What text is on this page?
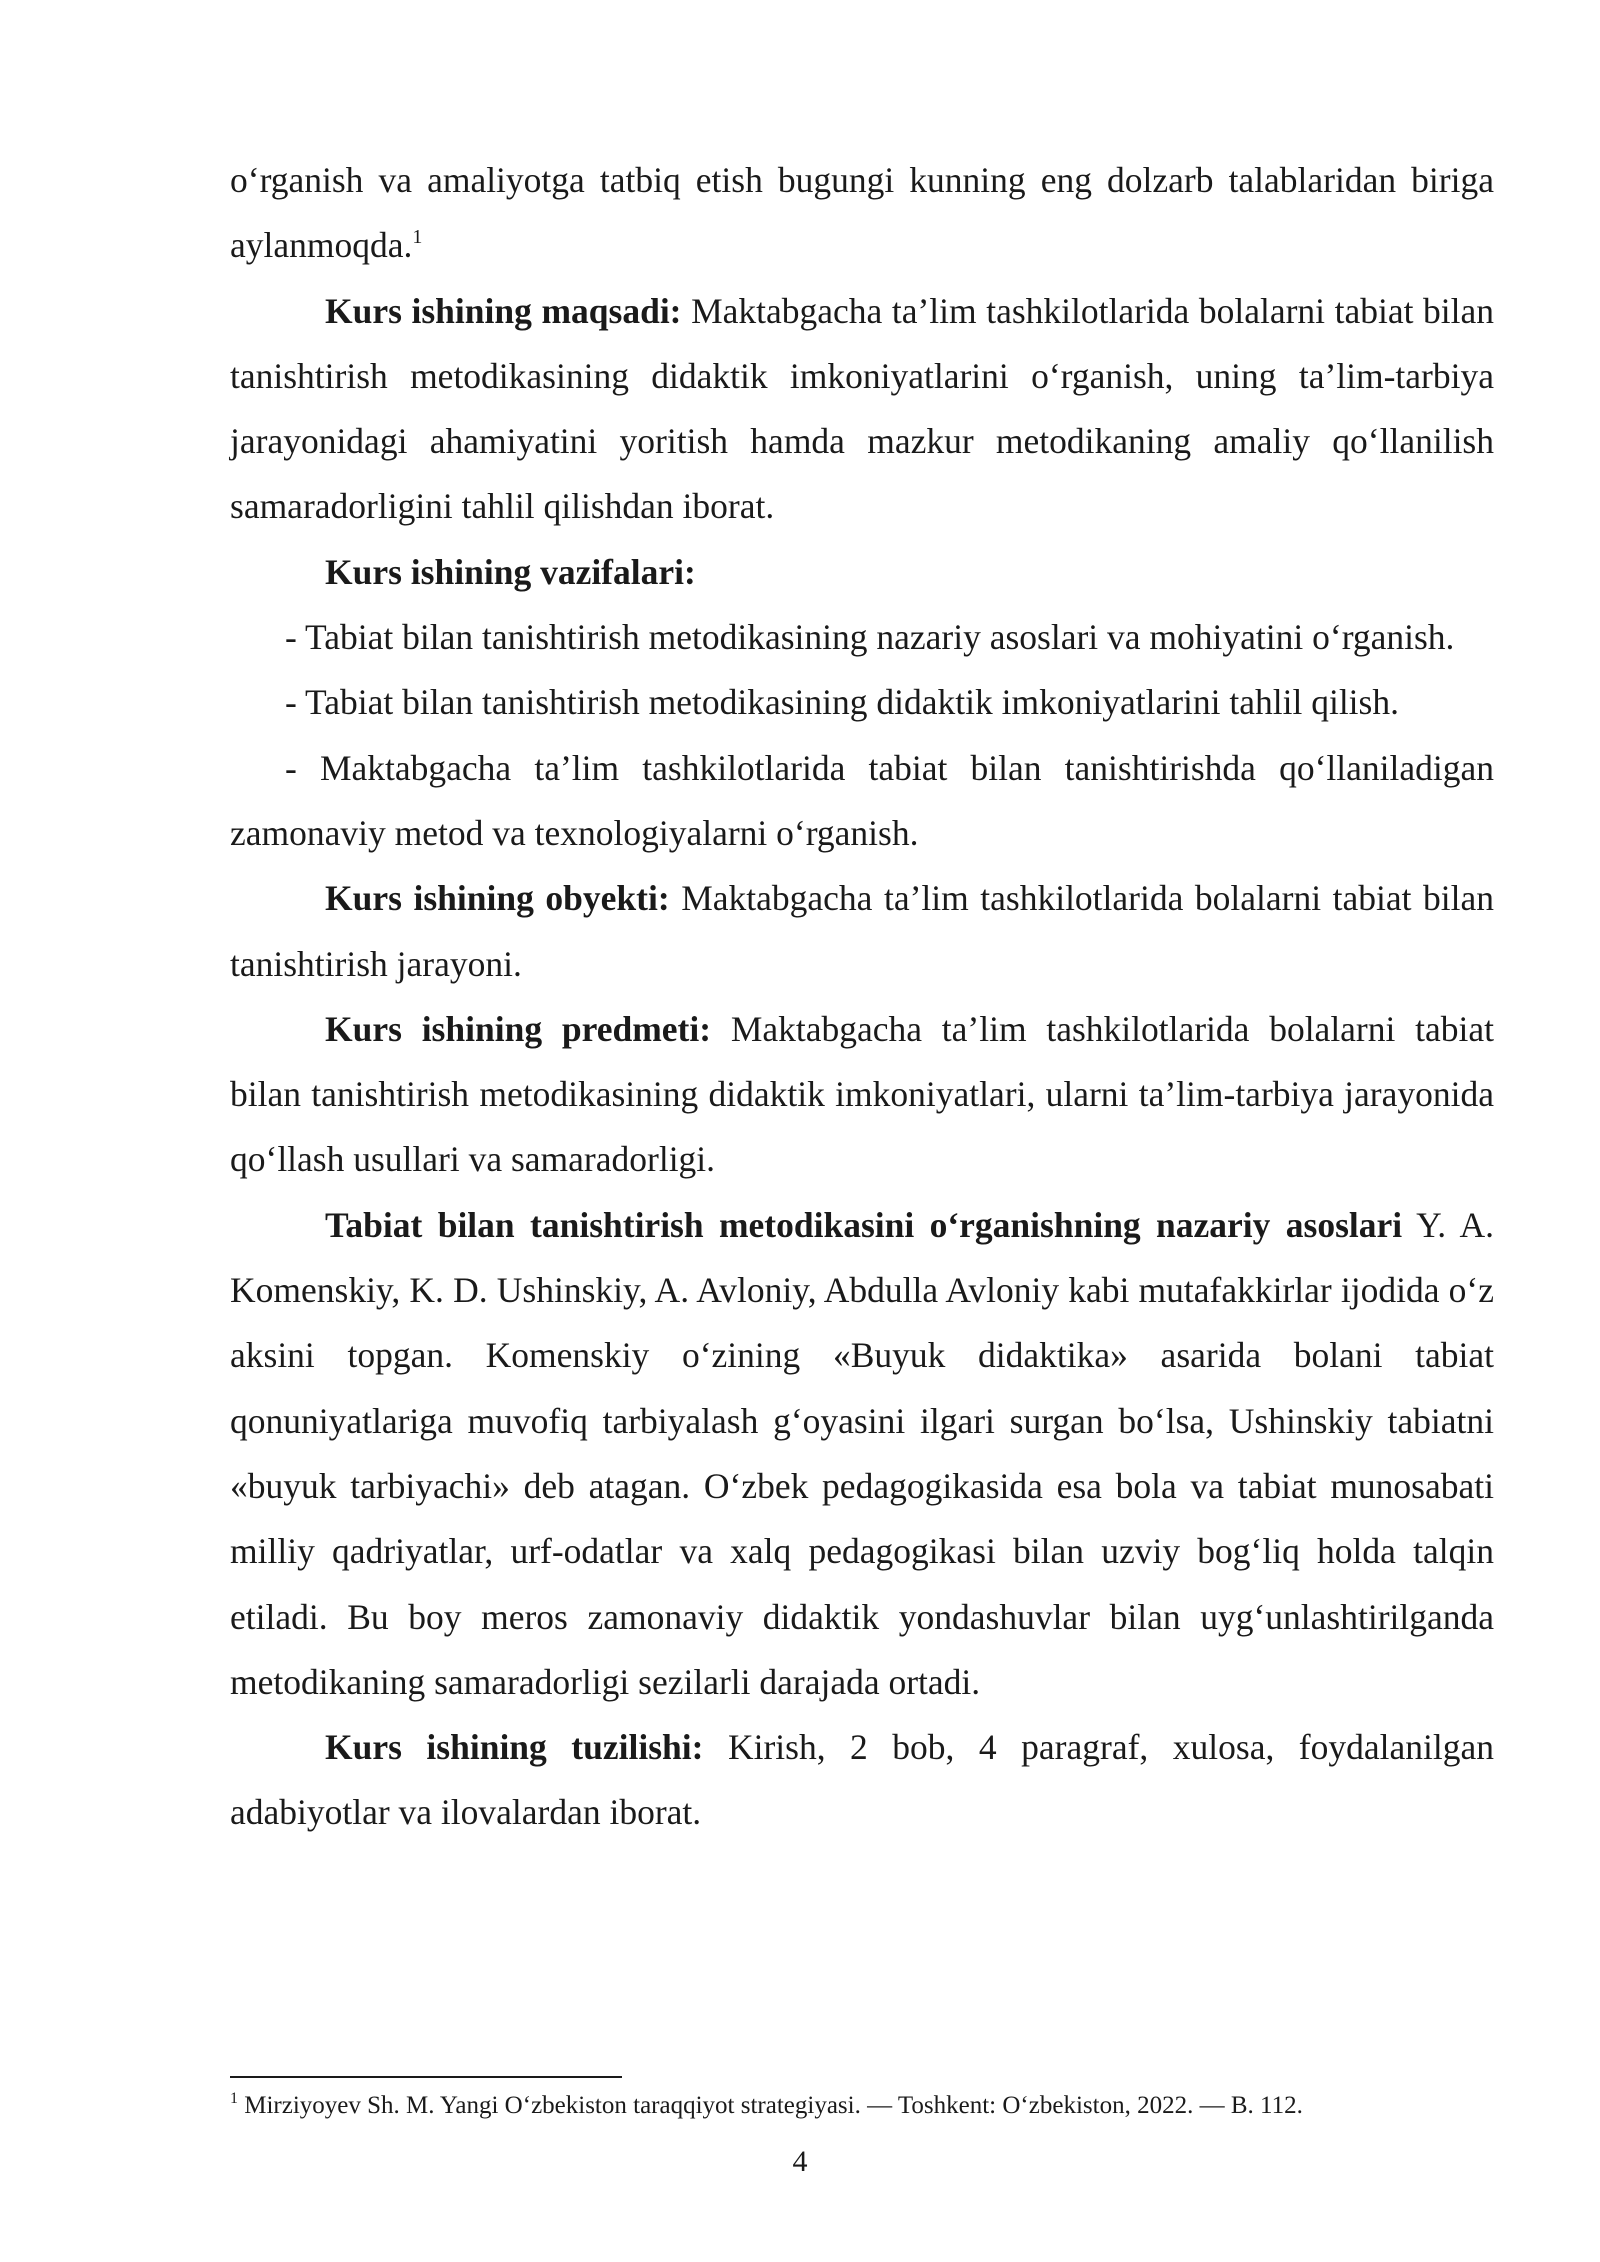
o‘rganish va amaliyotga tatbiq etish bugungi kunning eng dolzarb talablaridan biriga aylanmoqda.$^1$

Kurs ishining maqsadi: Maktabgacha ta’lim tashkilotlarida bolalarni tabiat bilan tanishtirish metodikasining didaktik imkoniyatlarini o‘rganish, uning ta’lim-tarbiya jarayonidagi ahamiyatini yoritish hamda mazkur metodikaning amaliy qo‘llanilish samaradorligini tahlil qilishdan iborat.

Kurs ishining vazifalari:

- Tabiat bilan tanishtirish metodikasining nazariy asoslari va mohiyatini o‘rganish.

- Tabiat bilan tanishtirish metodikasining didaktik imkoniyatlarini tahlil qilish.

- Maktabgacha ta’lim tashkilotlarida tabiat bilan tanishtirishda qo‘llaniladigan zamonaviy metod va texnologiyalarni o‘rganish.

Kurs ishining obyekti: Maktabgacha ta’lim tashkilotlarida bolalarni tabiat bilan tanishtirish jarayoni.

Kurs ishining predmeti: Maktabgacha ta’lim tashkilotlarida bolalarni tabiat bilan tanishtirish metodikasining didaktik imkoniyatlari, ularni ta’lim-tarbiya jarayonida qo‘llash usullari va samaradorligi.

Tabiat bilan tanishtirish metodikasini o‘rganishning nazariy asoslari Y. A. Komenskiy, K. D. Ushinskiy, A. Avloniy, Abdulla Avloniy kabi mutafakkirlar ijodida o‘z aksini topgan. Komenskiy o‘zining «Buyuk didaktika» asarida bolani tabiat qonuniyatlariga muvofiq tarbiyalash g‘oyasini ilgari surgan bo‘lsa, Ushinskiy tabiatni «buyuk tarbiyachi» deb atagan. O‘zbek pedagogikasida esa bola va tabiat munosabati milliy qadriyatlar, urf-odatlar va xalq pedagogikasi bilan uzviy bog‘liq holda talqin etiladi. Bu boy meros zamonaviy didaktik yondashuvlar bilan uyg‘unlashtirilganda metodikaning samaradorligi sezilarli darajada ortadi.

Kurs ishining tuzilishi: Kirish, 2 bob, 4 paragraf, xulosa, foydalanilgan adabiyotlar va ilovalardan iborat.

$^1$ Mirziyoyev Sh. M. Yangi O‘zbekiston taraqqiyot strategiyasi. — Toshkent: O‘zbekiston, 2022. — B. 112.
4
